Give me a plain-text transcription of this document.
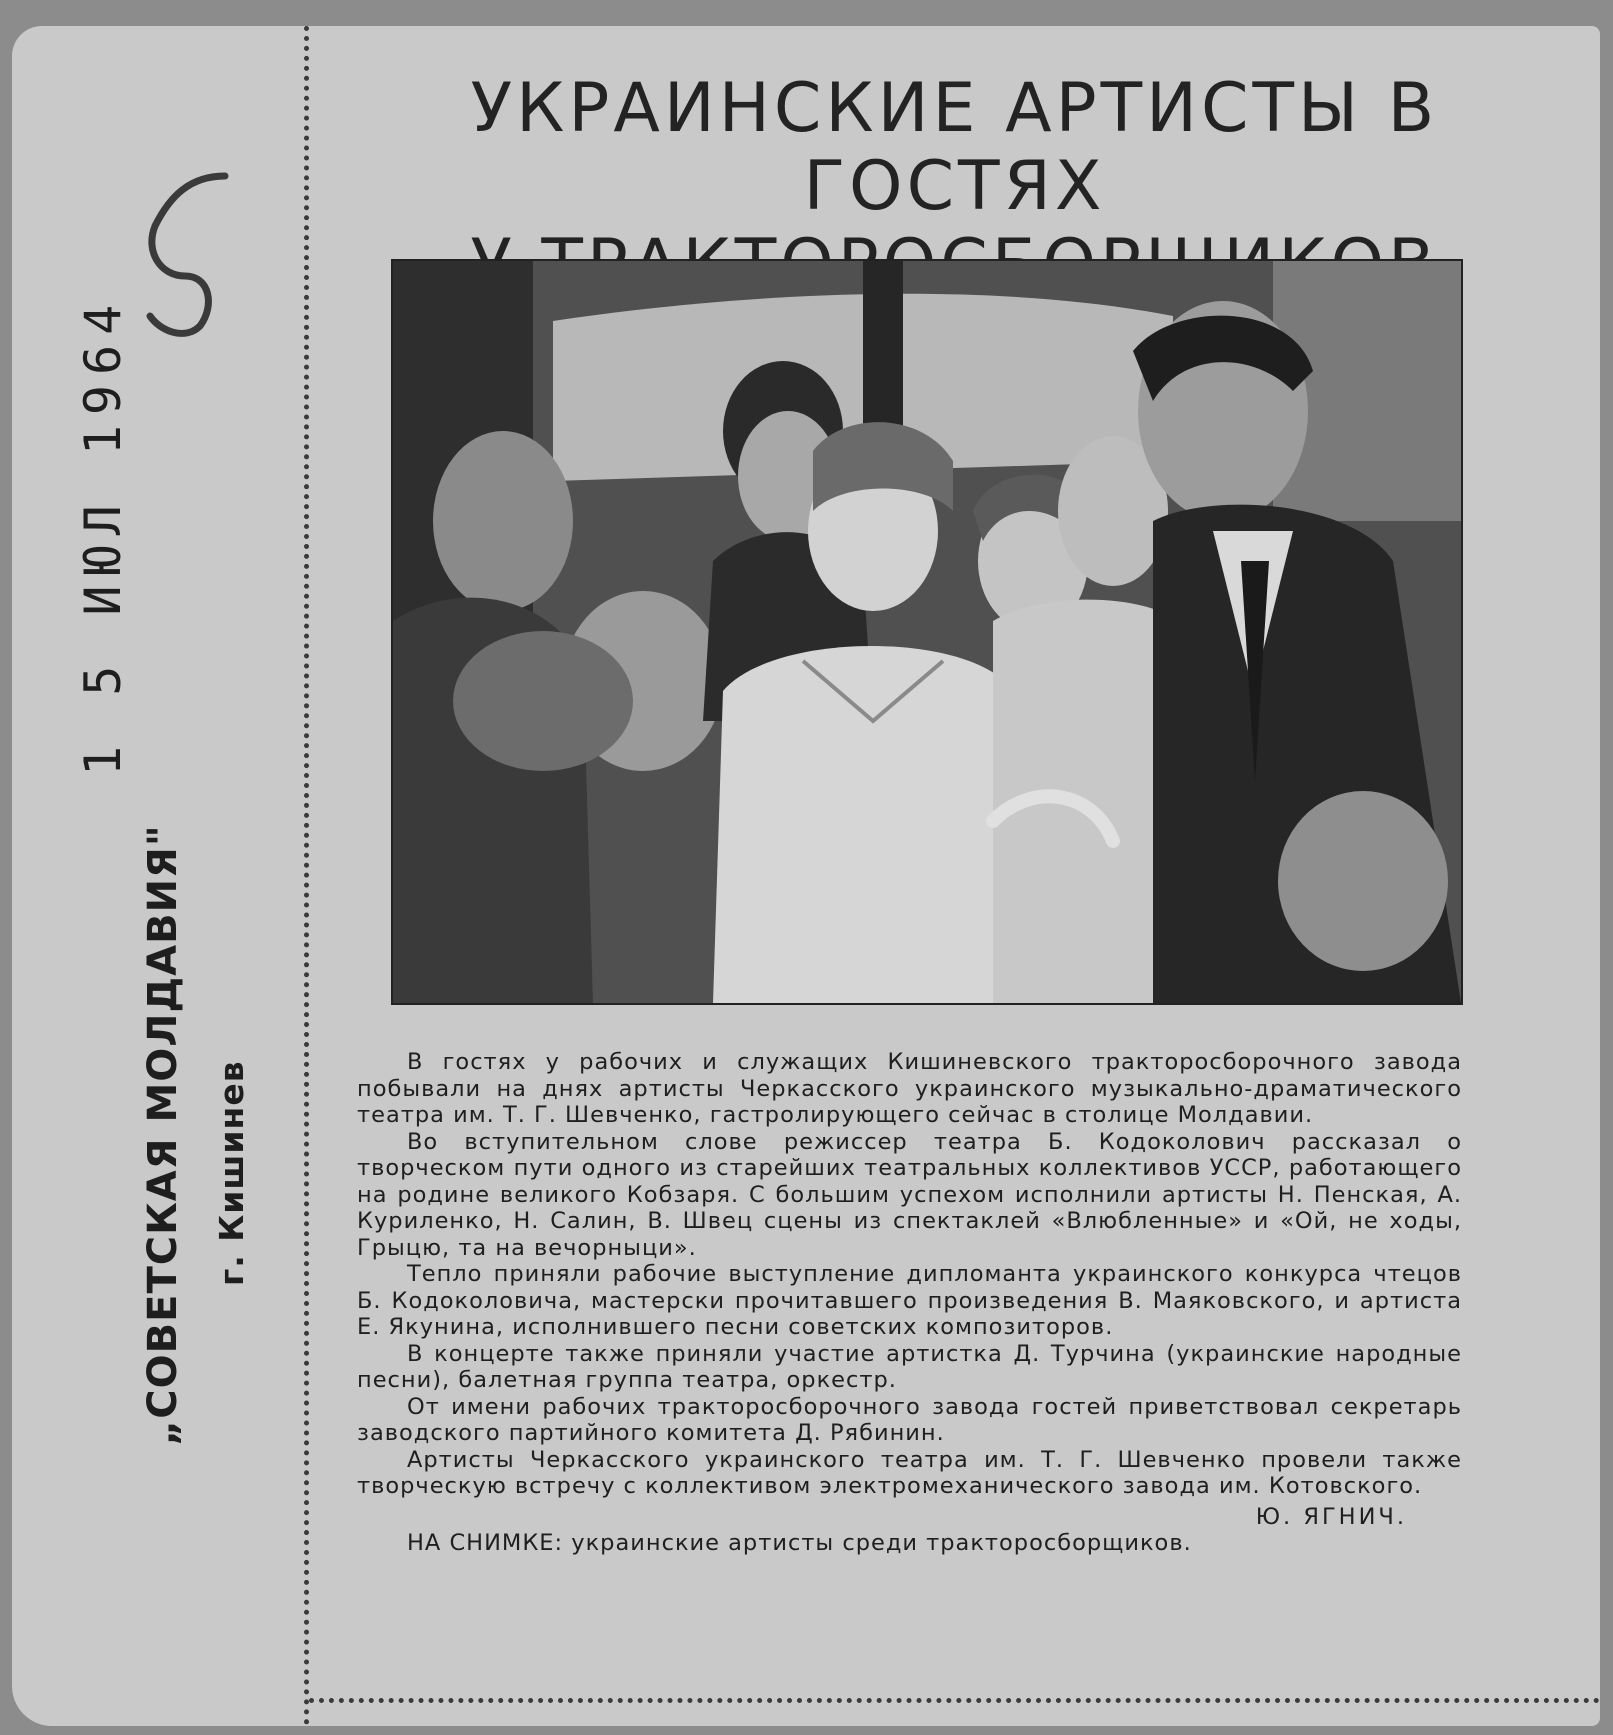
1 5 ИЮЛ 1964
„СОВЕТСКАЯ МОЛДАВИЯ" г. Кишинев
УКРАИНСКИЕ АРТИСТЫ В ГОСТЯХ

В гостях у рабочих и служащих Кишиневского тракторосборочного завода побывали на днях артисты Черкасского украинского музыкально-драматического театра им. Т. Г. Шевченко, гастролирующего сейчас в столице Молдавии.

Во вступительном слове режиссер театра Б. Кодоколович рассказал о творческом пути одного из старейших театральных коллективов УССР, работающего на родине великого Кобзаря. С большим успехом исполнили артисты Н. Пенская, А. Куриленко, Н. Салин, В. Швец сцены из спектаклей «Влюбленные» и «Ой, не ходы, Грыцю, та на вечорныци».

Тепло приняли рабочие выступление дипломанта украинского конкурса чтецов Б. Кодоколовича, мастерски прочитавшего произведения В. Маяковского, и артиста Е. Якунина, исполнившего песни советских композиторов.

В концерте также приняли участие артистка Д. Турчина (украинские народные песни), балетная группа театра, оркестр.

От имени рабочих тракторосборочного завода гостей приветствовал секретарь заводского партийного комитета Д. Рябинин.

Артисты Черкасского украинского театра им. Т. Г. Шевченко провели также творческую встречу с коллективом электромеханического завода им. Котовского.

Ю. ЯГНИЧ.

НА СНИМКЕ: украинские артисты среди тракторосборщиков.
